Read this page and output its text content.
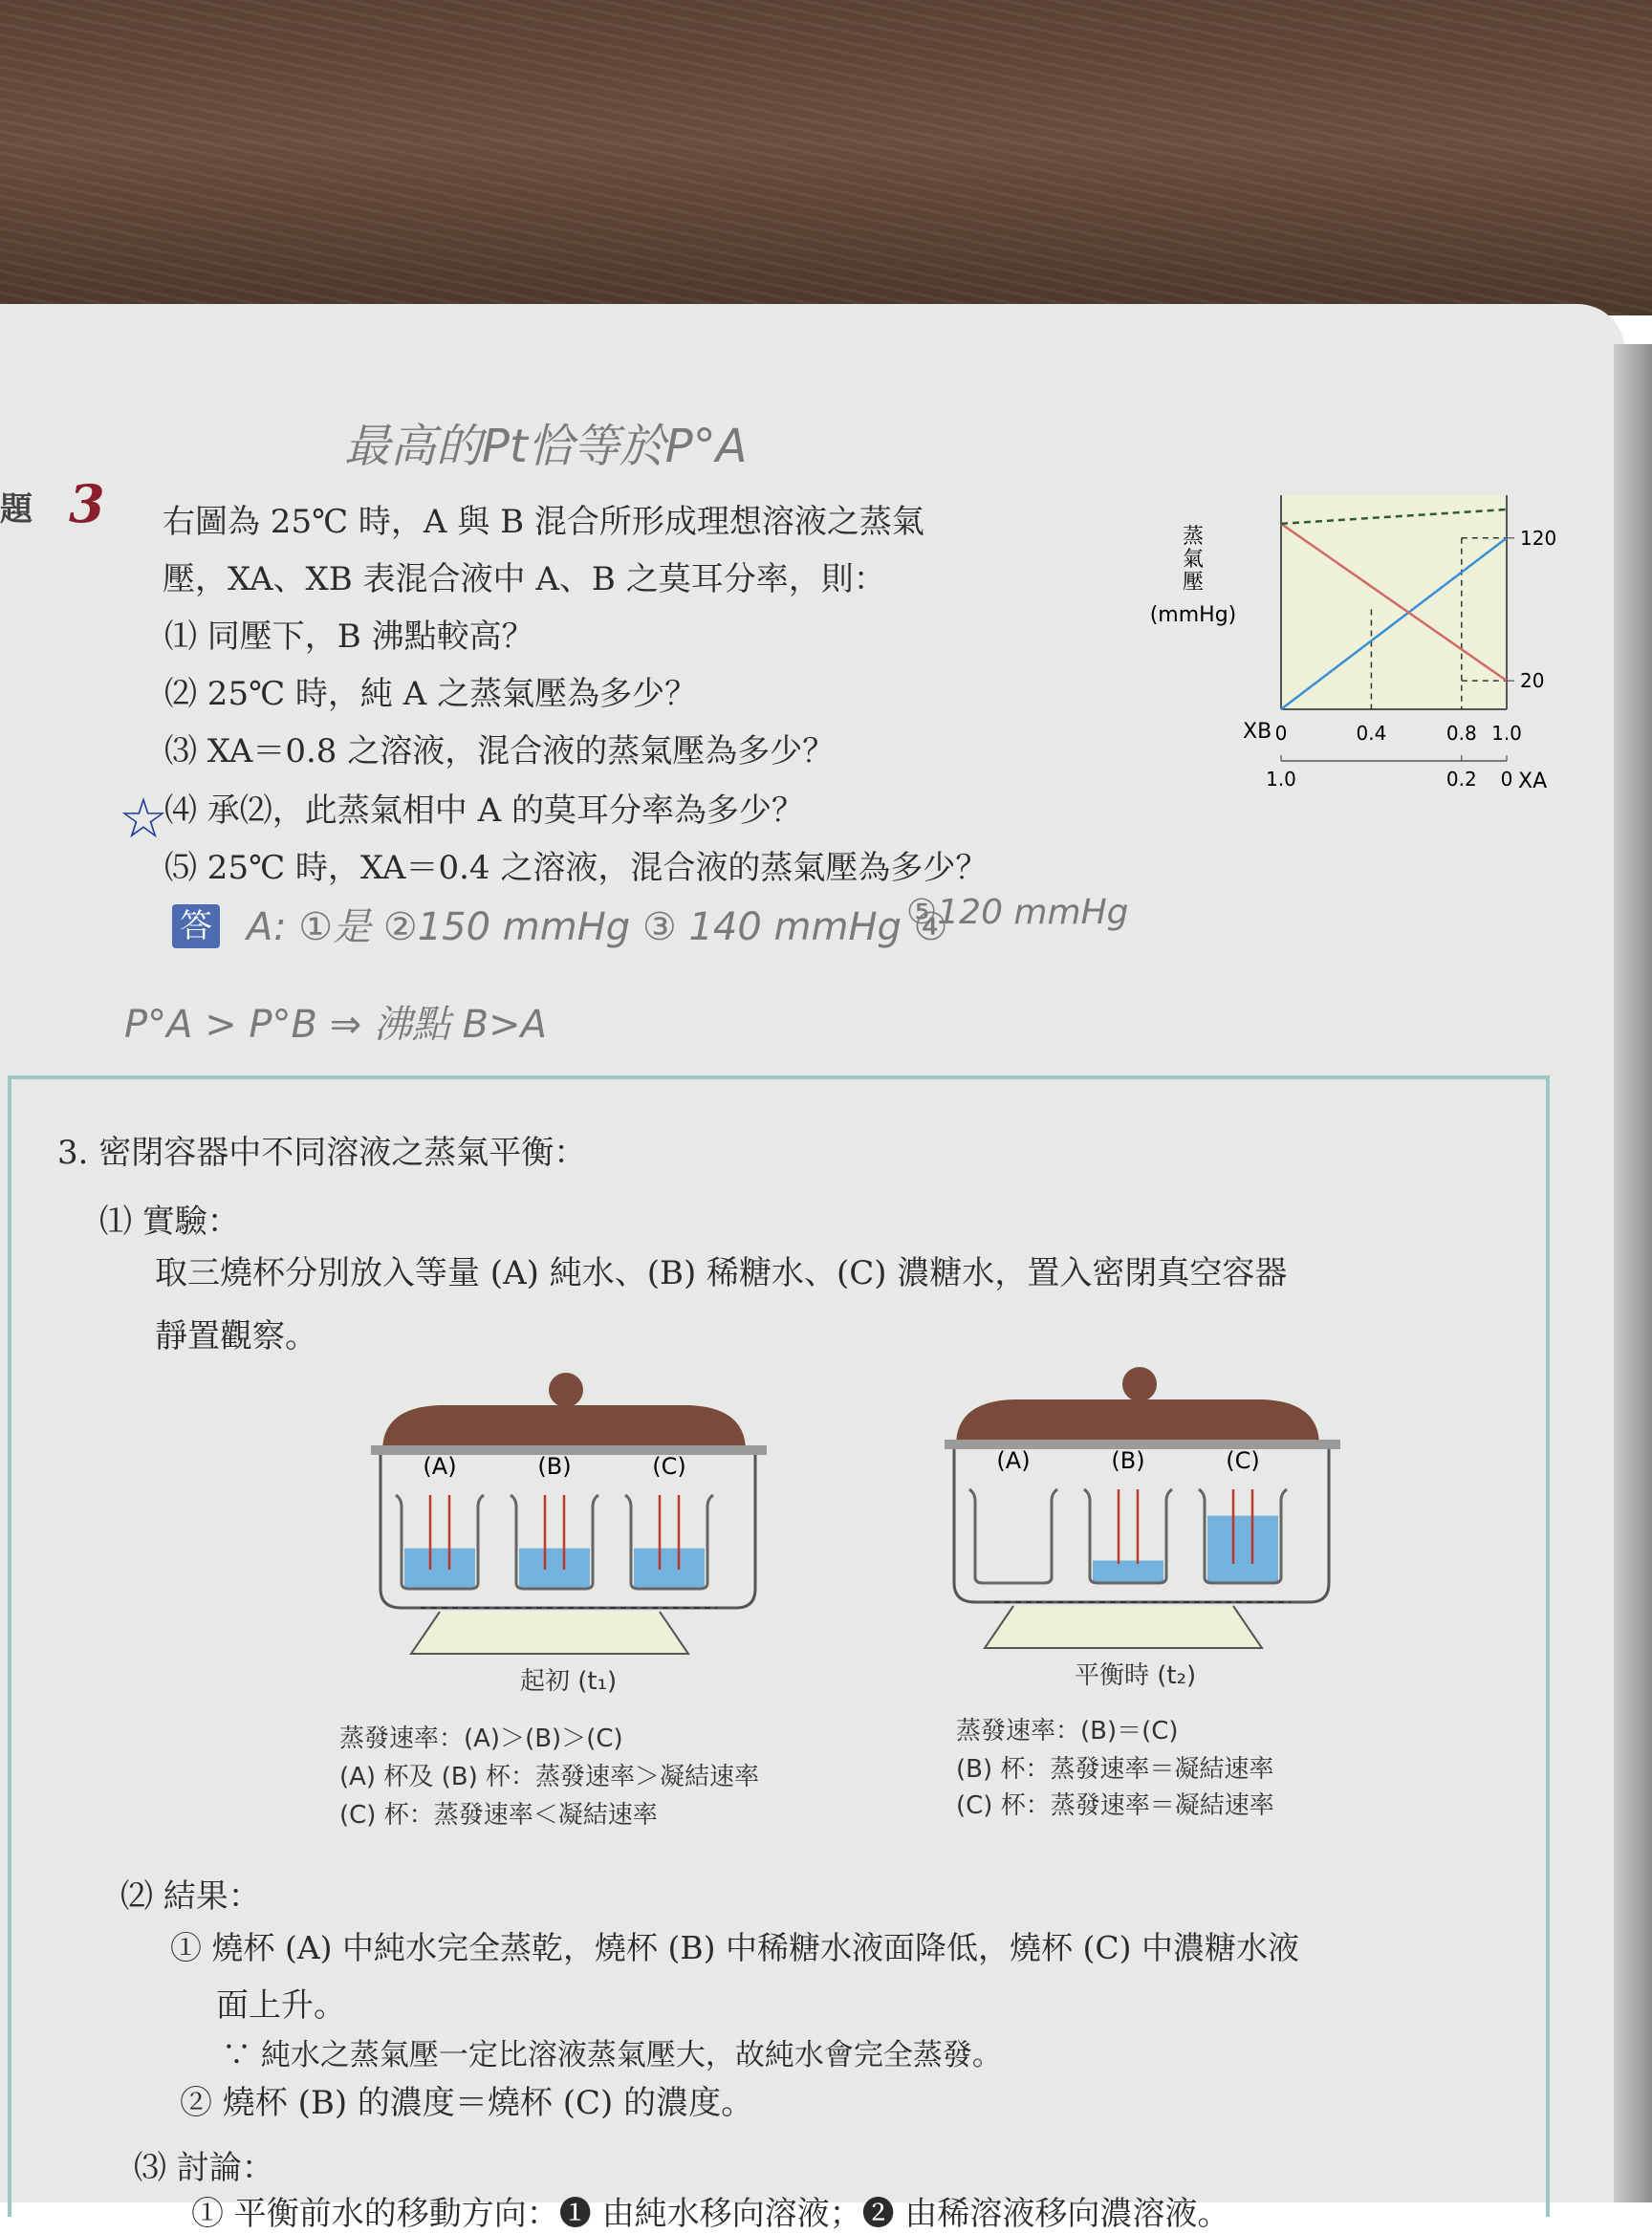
最高的Pt恰等於P°A
題 3 右圖為 25℃ 時，A 與 B 混合所形成理想溶液之蒸氣
壓，XA、XB 表混合液中 A、B 之莫耳分率，則：
⑴ 同壓下，B 沸點較高？
⑵ 25℃ 時，純 A 之蒸氣壓為多少？
⑶ XA＝0.8 之溶液，混合液的蒸氣壓為多少？
⑷ 承⑵，此蒸氣相中 A 的莫耳分率為多少？
⑸ 25℃ 時，XA＝0.4 之溶液，混合液的蒸氣壓為多少？
☆
答 A: ①是 ②150 mmHg ③ 140 mmHg ④
⑤120 mmHg
P°A > P°B ⇒ 沸點 B>A
120
20
0	0.4	0.8 1.0
1.0	0.2 0
蒸
氣
壓
(mmHg)
XB
XA
3. 密閉容器中不同溶液之蒸氣平衡：
⑴ 實驗：
取三燒杯分別放入等量 (A) 純水、(B) 稀糖水、(C) 濃糖水，置入密閉真空容器
靜置觀察。
(A)	(B)	(C)
起初 (t₁)
蒸發速率：(A)＞(B)＞(C)
(A) 杯及 (B) 杯：蒸發速率＞凝結速率
(C) 杯：蒸發速率＜凝結速率
(A)	(B)	(C)
平衡時 (t₂)
蒸發速率：(B)＝(C)
(B) 杯：蒸發速率＝凝結速率
(C) 杯：蒸發速率＝凝結速率
⑵ 結果：
① 燒杯 (A) 中純水完全蒸乾，燒杯 (B) 中稀糖水液面降低，燒杯 (C) 中濃糖水液
面上升。
∵ 純水之蒸氣壓一定比溶液蒸氣壓大，故純水會完全蒸發。
② 燒杯 (B) 的濃度＝燒杯 (C) 的濃度。
⑶ 討論：
① 平衡前水的移動方向：❶ 由純水移向溶液；❷ 由稀溶液移向濃溶液。
